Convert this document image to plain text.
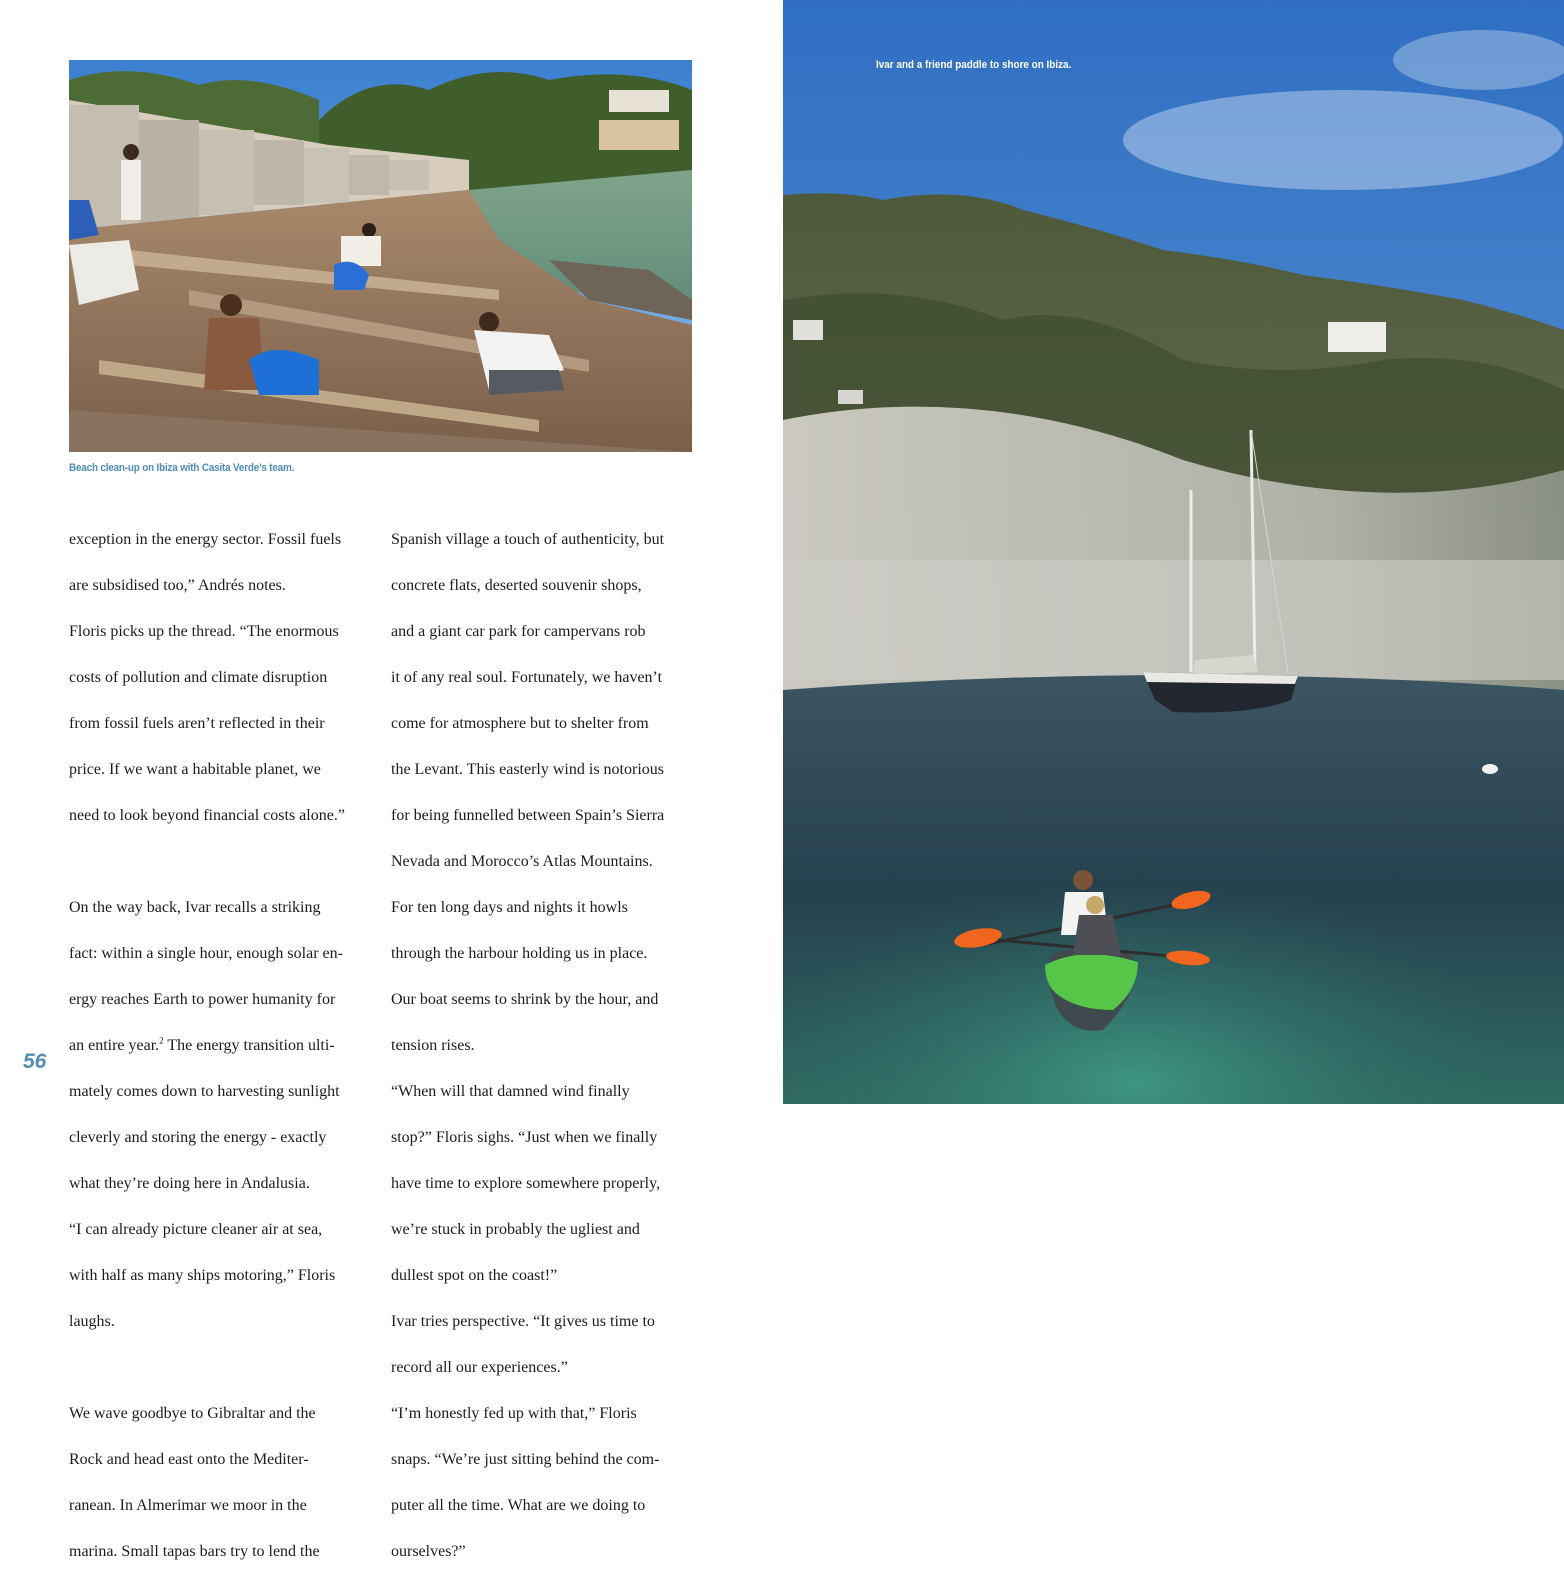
Beach clean-up on Ibiza with Casita Verde’s team.

exception in the energy sector. Fossil fuels

are subsidised too,” Andrés notes.

Floris picks up the thread. “The enormous

costs of pollution and climate disruption

from fossil fuels aren’t reflected in their

price. If we want a habitable planet, we

need to look beyond financial costs alone.”

On the way back, Ivar recalls a striking

fact: within a single hour, enough solar en-

ergy reaches Earth to power humanity for

an entire year.$^2$ The energy transition ulti-

mately comes down to harvesting sunlight

cleverly and storing the energy - exactly

what they’re doing here in Andalusia.

“I can already picture cleaner air at sea,

with half as many ships motoring,” Floris

laughs.

We wave goodbye to Gibraltar and the

Rock and head east onto the Mediter-

ranean. In Almerimar we moor in the

marina. Small tapas bars try to lend the

Spanish village a touch of authenticity, but

concrete flats, deserted souvenir shops,

and a giant car park for campervans rob

it of any real soul. Fortunately, we haven’t

come for atmosphere but to shelter from

the Levant. This easterly wind is notorious

for being funnelled between Spain’s Sierra

Nevada and Morocco’s Atlas Mountains.

For ten long days and nights it howls

through the harbour holding us in place.

Our boat seems to shrink by the hour, and

tension rises.

“When will that damned wind finally

stop?” Floris sighs. “Just when we finally

have time to explore somewhere properly,

we’re stuck in probably the ugliest and

dullest spot on the coast!”

Ivar tries perspective. “It gives us time to

record all our experiences.”

“I’m honestly fed up with that,” Floris

snaps. “We’re just sitting behind the com-

puter all the time. What are we doing to

ourselves?”

56
Ivar and a friend paddle to shore on Ibiza.
